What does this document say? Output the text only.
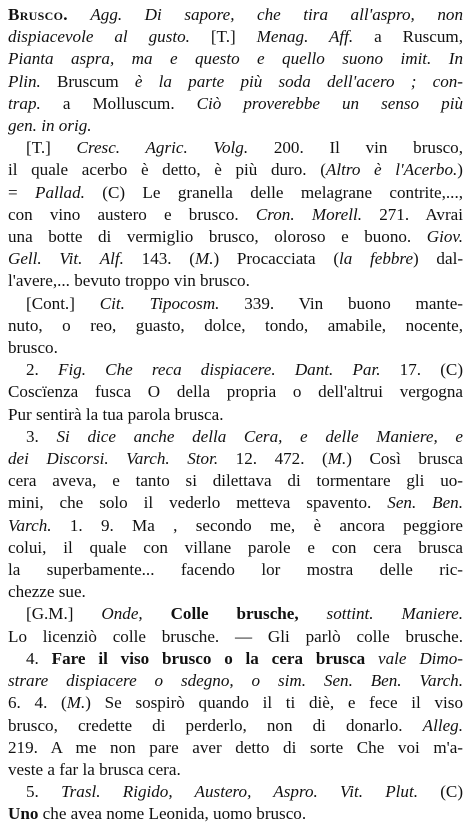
Brusco. Agg. Di sapore, che tira all'aspro, non
dispiacevole al gusto. [T.] Menag. Aff. a Ruscum,
Pianta aspra, ma e questo e quello suono imit. In
Plin. Bruscum è la parte più soda dell'acero ; con-
trap. a Molluscum. Ciò proverebbe un senso più
gen. in orig.
[T.] Cresc. Agric. Volg. 200. Il vin brusco,
il quale acerbo è detto, è più duro. (Altro è l'Acerbo.)
= Pallad. (C) Le granella delle melagrane contrite,...,
con vino austero e brusco. Cron. Morell. 271. Avrai
una botte di vermiglio brusco, oloroso e buono. Giov.
Gell. Vit. Alf. 143. (M.) Procacciata (la febbre) dal-
l'avere,... bevuto troppo vin brusco.
[Cont.] Cit. Tipocosm. 339. Vin buono mante-
nuto, o reo, guasto, dolce, tondo, amabile, nocente,
brusco.
2. Fig. Che reca dispiacere. Dant. Par. 17. (C)
Coscïenza fusca O della propria o dell'altrui vergogna
Pur sentirà la tua parola brusca.
3. Si dice anche della Cera, e delle Maniere, e
dei Discorsi. Varch. Stor. 12. 472. (M.) Così brusca
cera aveva, e tanto si dilettava di tormentare gli uo-
mini, che solo il vederlo metteva spavento. Sen. Ben.
Varch. 1. 9. Ma , secondo me, è ancora peggiore
colui, il quale con villane parole e con cera brusca
la superbamente... facendo lor mostra delle ric-
chezze sue.
[G.M.] Onde, Colle brusche, sottint. Maniere.
Lo licenziò colle brusche. — Gli parlò colle brusche.
4. Fare il viso brusco o la cera brusca vale Dimo-
strare dispiacere o sdegno, o sim. Sen. Ben. Varch.
6. 4. (M.) Se sospirò quando il ti diè, e fece il viso
brusco, credette di perderlo, non di donarlo. Alleg.
219. A me non pare aver detto di sorte Che voi m'a-
veste a far la brusca cera.
5. Trasl. Rigido, Austero, Aspro. Vit. Plut. (C)
Uno che avea nome Leonida, uomo brusco.
